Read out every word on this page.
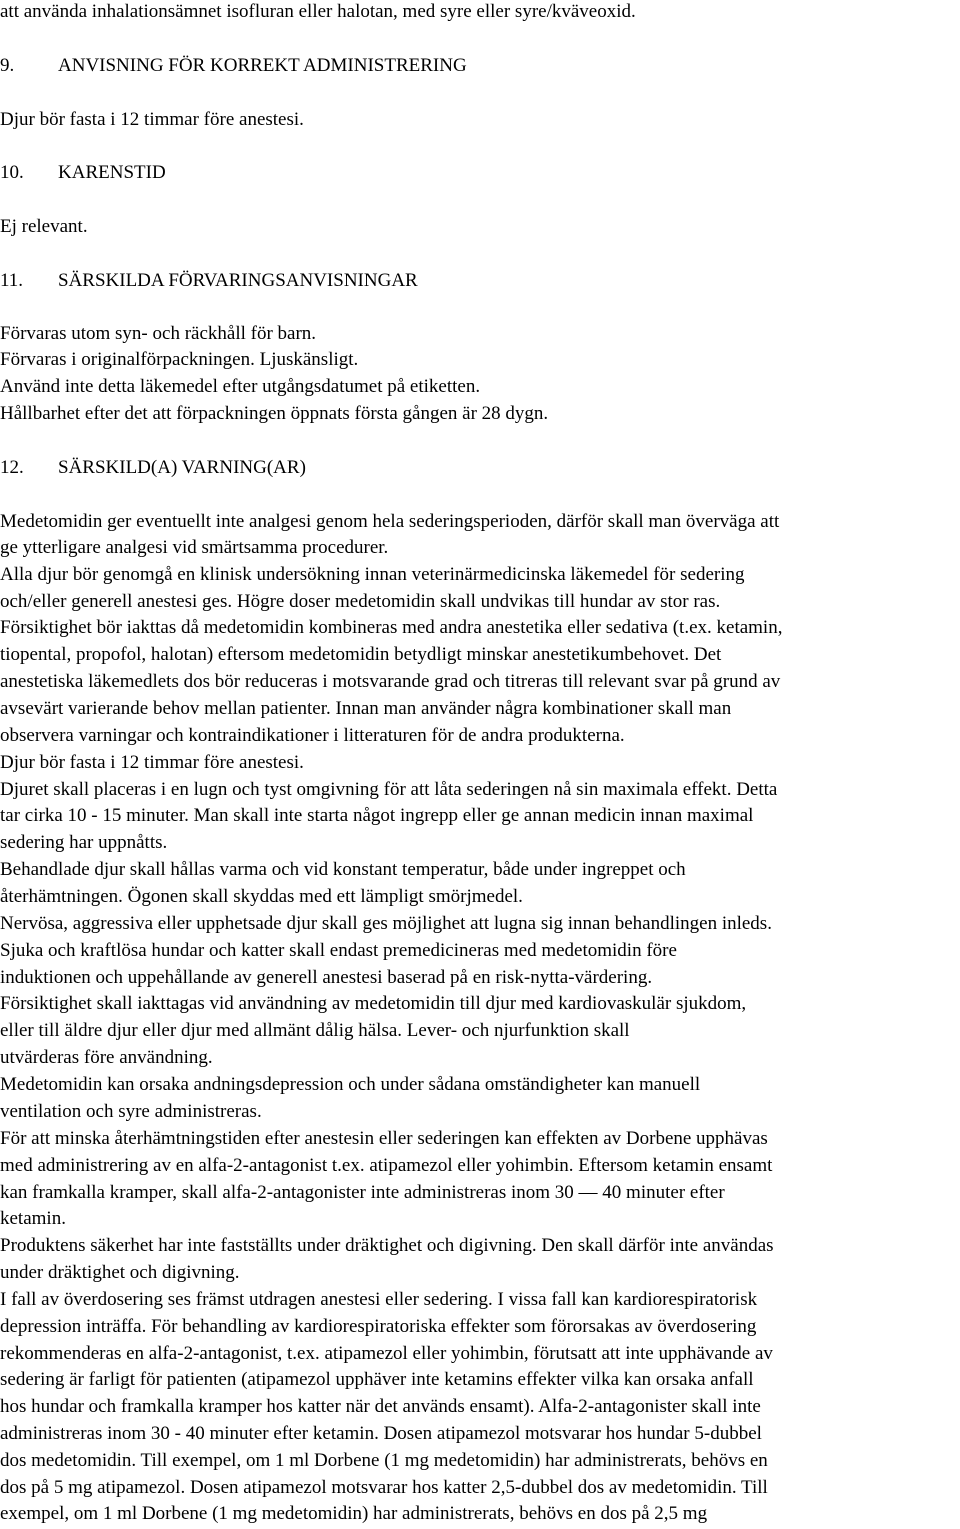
att använda inhalationsämnet isofluran eller halotan, med syre eller syre/kväveoxid.

9. ANVISNING FÖR KORREKT ADMINISTRERING

Djur bör fasta i 12 timmar före anestesi.

10. KARENSTID

Ej relevant.

11. SÄRSKILDA FÖRVARINGSANVISNINGAR

Förvaras utom syn- och räckhåll för barn.

Förvaras i originalförpackningen. Ljuskänsligt.

Använd inte detta läkemedel efter utgångsdatumet på etiketten.

Hållbarhet efter det att förpackningen öppnats första gången är 28 dygn.

12. SÄRSKILD(A) VARNING(AR)

Medetomidin ger eventuellt inte analgesi genom hela sederingsperioden, därför skall man överväga att

ge ytterligare analgesi vid smärtsamma procedurer.

Alla djur bör genomgå en klinisk undersökning innan veterinärmedicinska läkemedel för sedering

och/eller generell anestesi ges. Högre doser medetomidin skall undvikas till hundar av stor ras.

Försiktighet bör iakttas då medetomidin kombineras med andra anestetika eller sedativa (t.ex. ketamin,

tiopental, propofol, halotan) eftersom medetomidin betydligt minskar anestetikumbehovet. Det

anestetiska läkemedlets dos bör reduceras i motsvarande grad och titreras till relevant svar på grund av

avsevärt varierande behov mellan patienter. Innan man använder några kombinationer skall man

observera varningar och kontraindikationer i litteraturen för de andra produkterna.

Djur bör fasta i 12 timmar före anestesi.

Djuret skall placeras i en lugn och tyst omgivning för att låta sederingen nå sin maximala effekt. Detta

tar cirka 10 - 15 minuter. Man skall inte starta något ingrepp eller ge annan medicin innan maximal

sedering har uppnåtts.

Behandlade djur skall hållas varma och vid konstant temperatur, både under ingreppet och

återhämtningen. Ögonen skall skyddas med ett lämpligt smörjmedel.

Nervösa, aggressiva eller upphetsade djur skall ges möjlighet att lugna sig innan behandlingen inleds.

Sjuka och kraftlösa hundar och katter skall endast premedicineras med medetomidin före

induktionen och uppehållande av generell anestesi baserad på en risk-nytta-värdering.

Försiktighet skall iakttagas vid användning av medetomidin till djur med kardiovaskulär sjukdom,

eller till äldre djur eller djur med allmänt dålig hälsa. Lever- och njurfunktion skall

utvärderas före användning.

Medetomidin kan orsaka andningsdepression och under sådana omständigheter kan manuell

ventilation och syre administreras.

För att minska återhämtningstiden efter anestesin eller sederingen kan effekten av Dorbene upphävas

med administrering av en alfa-2-antagonist t.ex. atipamezol eller yohimbin. Eftersom ketamin ensamt

kan framkalla kramper, skall alfa-2-antagonister inte administreras inom 30 — 40 minuter efter

ketamin.

Produktens säkerhet har inte fastställts under dräktighet och digivning. Den skall därför inte användas

under dräktighet och digivning.

I fall av överdosering ses främst utdragen anestesi eller sedering. I vissa fall kan kardiorespiratorisk

depression inträffa. För behandling av kardiorespiratoriska effekter som förorsakas av överdosering

rekommenderas en alfa-2-antagonist, t.ex. atipamezol eller yohimbin, förutsatt att inte upphävande av

sedering är farligt för patienten (atipamezol upphäver inte ketamins effekter vilka kan orsaka anfall

hos hundar och framkalla kramper hos katter när det används ensamt). Alfa-2-antagonister skall inte

administreras inom 30 - 40 minuter efter ketamin. Dosen atipamezol motsvarar hos hundar 5-dubbel

dos medetomidin. Till exempel, om 1 ml Dorbene (1 mg medetomidin) har administrerats, behövs en

dos på 5 mg atipamezol. Dosen atipamezol motsvarar hos katter 2,5-dubbel dos av medetomidin. Till

exempel, om 1 ml Dorbene (1 mg medetomidin) har administrerats, behövs en dos på 2,5 mg
